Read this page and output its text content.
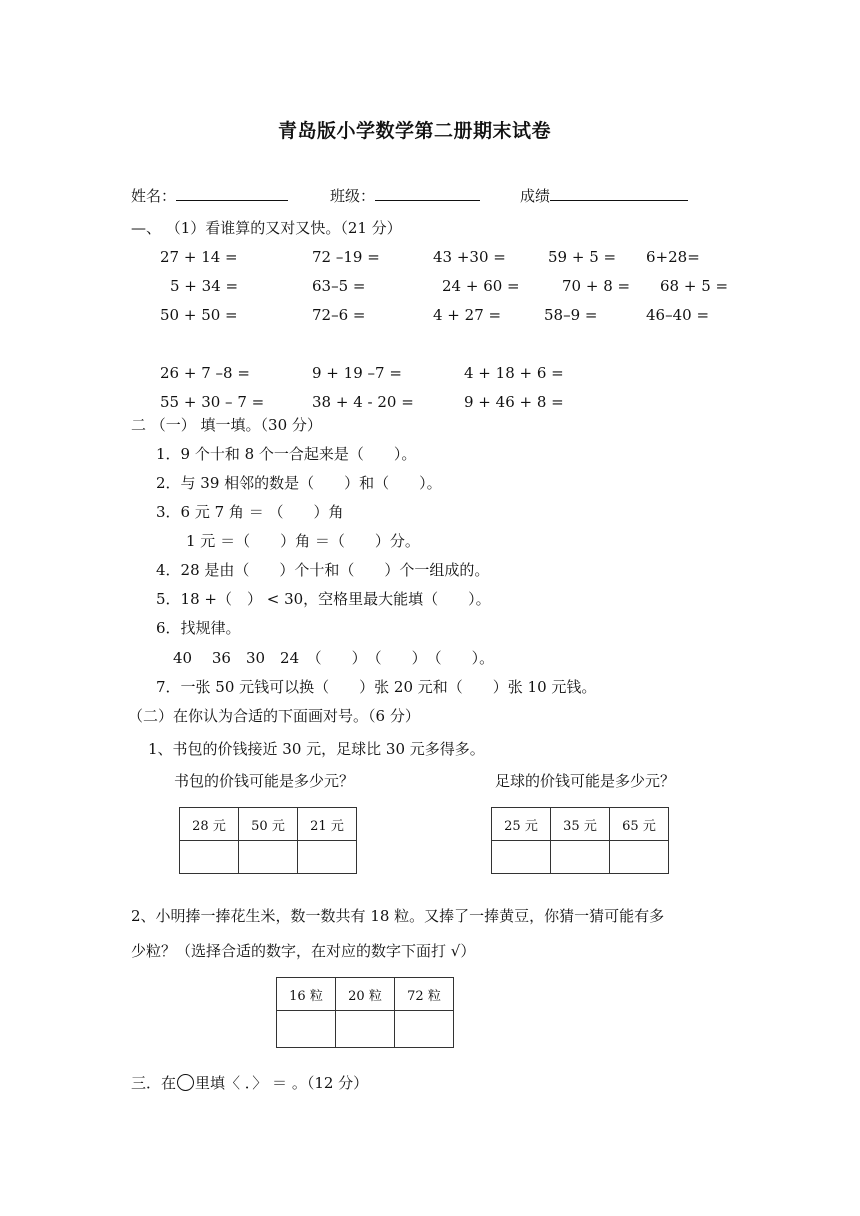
青岛版小学数学第二册期末试卷
姓名：	班级：	成绩
—、 （1）看谁算的又对又快。（21 分）
27 + 14 =	72 –19 =	43 +30 =	59 + 5 = 6+28=
5 + 34 =	63–5 =	24 + 60 =	70 + 8 = 68 + 5 =
50 + 50 =	72–6 =	4 + 27 =	58–9 =	46–40 =
26 + 7 –8 =	9 + 19 –7 =	4 + 18 + 6 =
55 + 30 – 7 =	38 + 4 - 20 =	9 + 46 + 8 =
二 （一） 填一填。（30 分）
1．9 个十和 8 个一合起来是（　　）。
2．与 39 相邻的数是（　　）和（　　）。
3．6 元 7 角 ＝ （　　）角
1 元 ＝（　　）角 ＝（　　）分。
4．28 是由（　　）个十和（　　）个一组成的。
5．18 +（　） < 30，空格里最大能填（　　）。
6．找规律。
40　 36　30　24　（　　）　（　　）　（　　）。
7．一张 50 元钱可以换（　　）张 20 元和（　　）张 10 元钱。
（二）在你认为合适的下面画对号。（6 分）
1、书包的价钱接近 30 元，足球比 30 元多得多。
书包的价钱可能是多少元？	足球的价钱可能是多少元？
28 元	50 元	21 元
			25 元	35 元	65 元

2、小明捧一捧花生米，数一数共有 18 粒。又捧了一捧黄豆，你猜一猜可能有多
少粒？（选择合适的数字，在对应的数字下面打 √）
16 粒	20 粒	72 粒

三．在 里填〈 ．〉 ＝ 。（12 分）
